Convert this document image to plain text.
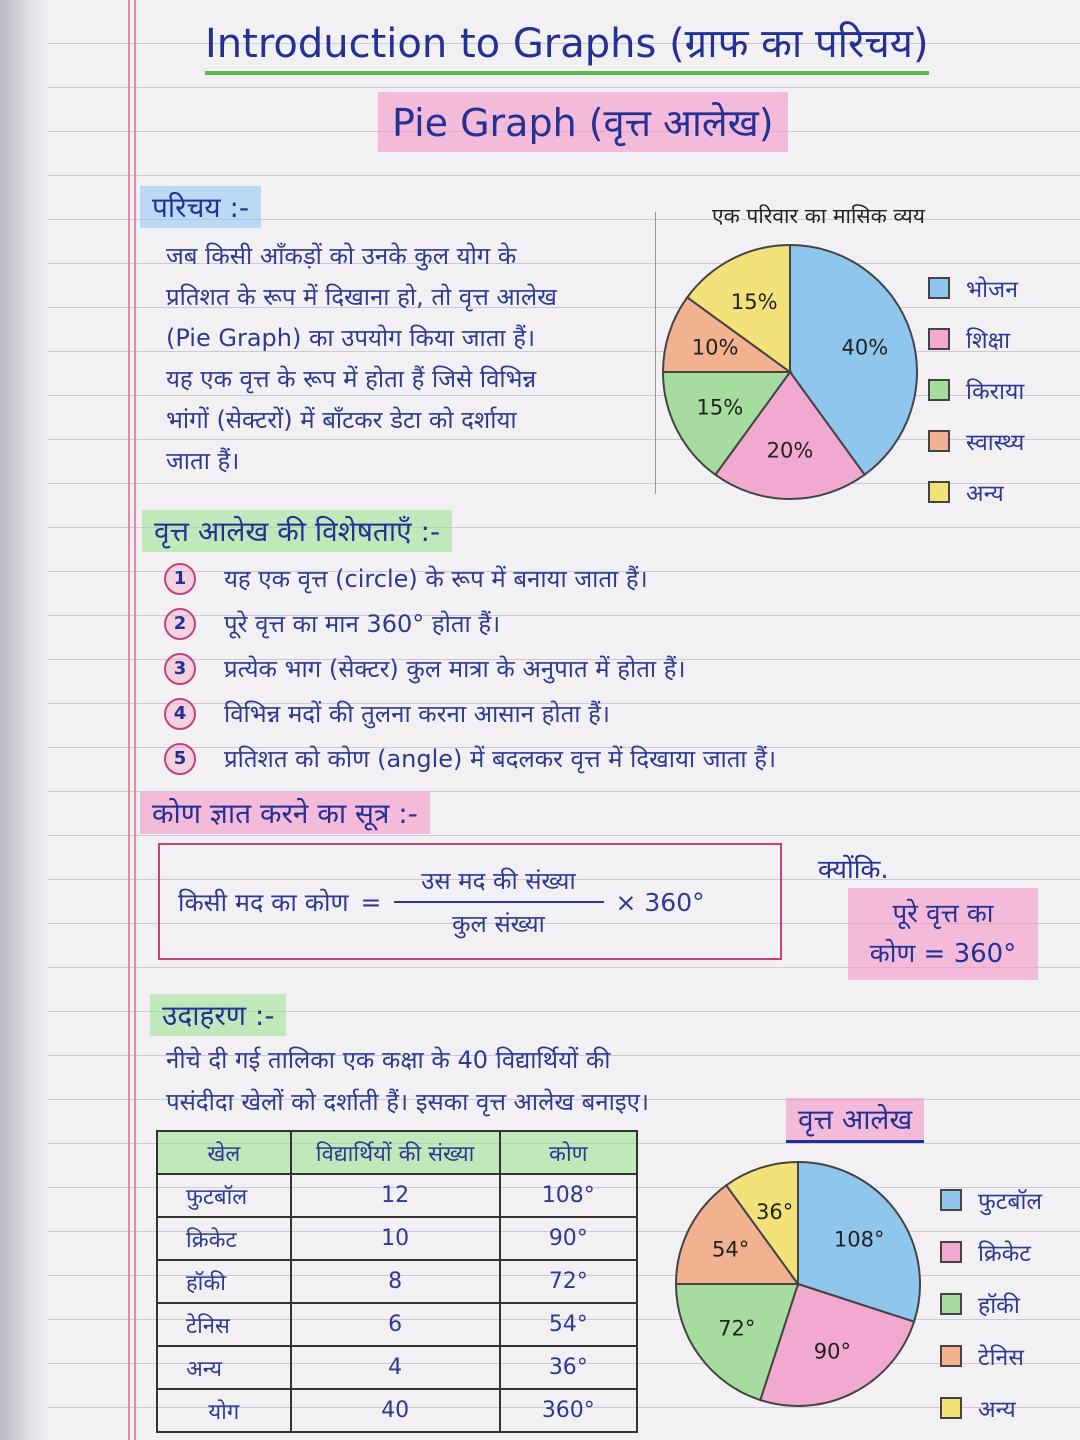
Introduction to Graphs (ग्राफ का परिचय)
Pie Graph (वृत्त आलेख)
परिचय :-
जब किसी आँकड़ों को उनके कुल योग के
प्रतिशत के रूप में दिखाना हो, तो वृत्त आलेख
(Pie Graph) का उपयोग किया जाता हैं।
यह एक वृत्त के रूप में होता हैं जिसे विभिन्न
भांगों (सेक्टरों) में बाँटकर डेटा को दर्शाया
जाता हैं।
एक परिवार का मासिक व्यय
40%
20%
15%
10%
15%	भोजन
शिक्षा
किराया
स्वास्थ्य
अन्य
वृत्त आलेख की विशेषताएँ :-
1	यह एक वृत्त (circle) के रूप में बनाया जाता हैं।
2	पूरे वृत्त का मान 360° होता हैं।
3	प्रत्येक भाग (सेक्टर) कुल मात्रा के अनुपात में होता हैं।
4	विभिन्न मदों की तुलना करना आसान होता हैं।
5	प्रतिशत को कोण (angle) में बदलकर वृत्त में दिखाया जाता हैं।
कोण ज्ञात करने का सूत्र :-
किसी मद का कोण = $\frac{\text{उस मद की संख्या}}{\text{कुल संख्या}} \times 360^\circ$
क्योंकि.
पूरे वृत्त का
कोण = 360°
उदाहरण :-
नीचे दी गई तालिका एक कक्षा के 40 विद्यार्थियों की
पसंदीदा खेलों को दर्शाती हैं। इसका वृत्त आलेख बनाइए।
खेल	विद्यार्थियों की संख्या	कोण
फुटबॉल	12	108°
क्रिकेट	10	90°
हॉकी	8	72°
टेनिस	6	54°
अन्य	4	36°
योग	40	360°
वृत्त आलेख
108°
90°
72°
54°
36°	फुटबॉल
क्रिकेट
हॉकी
टेनिस
अन्य
